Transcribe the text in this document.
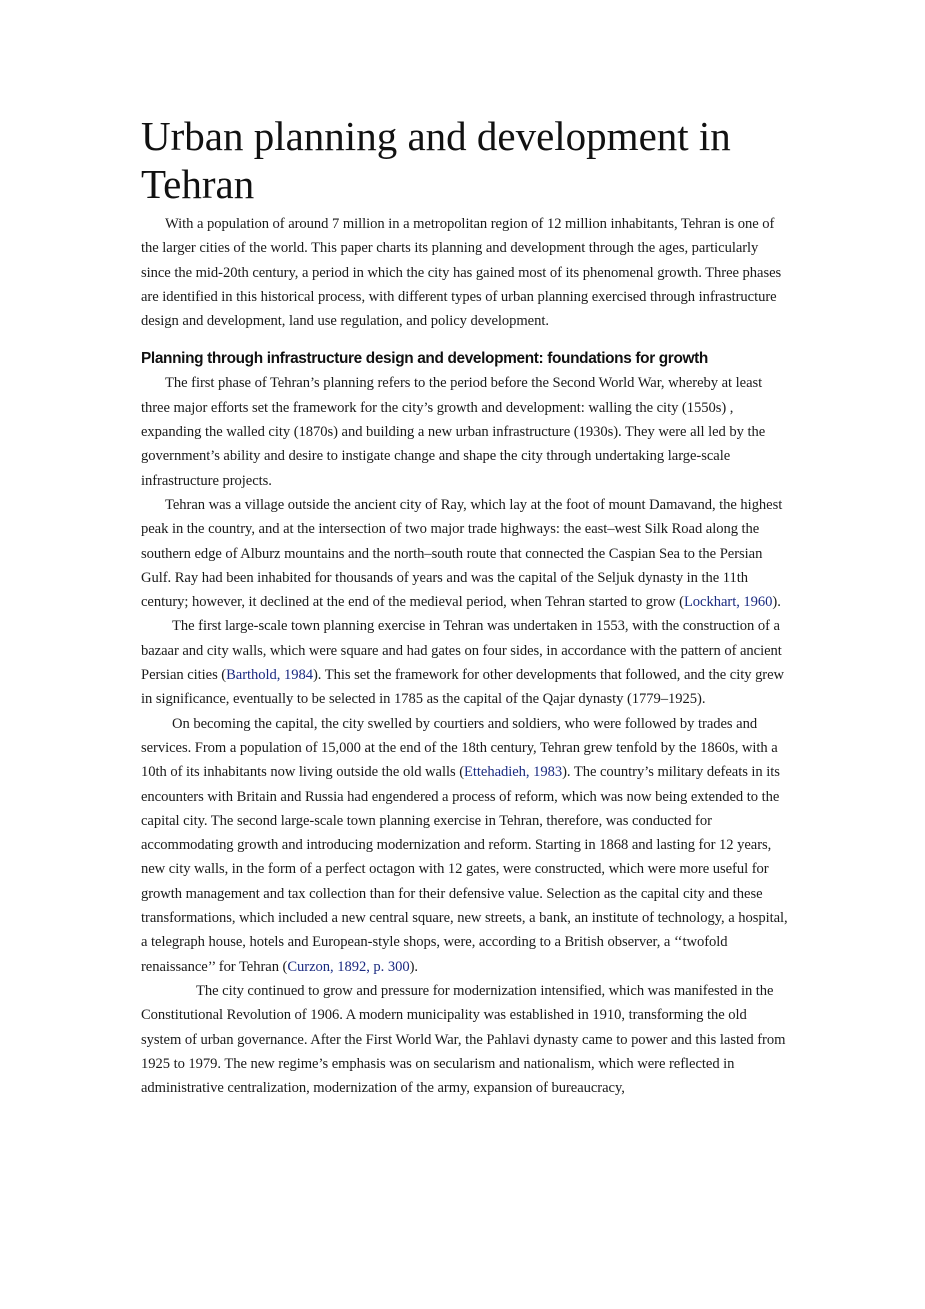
Urban planning and development in Tehran

With a population of around 7 million in a metropolitan region of 12 million inhabitants, Tehran is one of the larger cities of the world. This paper charts its planning and development through the ages, particularly since the mid-20th century, a period in which the city has gained most of its phenomenal growth. Three phases are identified in this historical process, with different types of urban planning exercised through infrastructure design and development, land use regulation, and policy development.

Planning through infrastructure design and development: foundations for growth

The first phase of Tehran’s planning refers to the period before the Second World War, whereby at least three major efforts set the framework for the city’s growth and development: walling the city (1550s) , expanding the walled city (1870s) and building a new urban infrastructure (1930s). They were all led by the government’s ability and desire to instigate change and shape the city through undertaking large-scale infrastructure projects.

Tehran was a village outside the ancient city of Ray, which lay at the foot of mount Damavand, the highest peak in the country, and at the intersection of two major trade highways: the east–west Silk Road along the southern edge of Alburz mountains and the north–south route that connected the Caspian Sea to the Persian Gulf. Ray had been inhabited for thousands of years and was the capital of the Seljuk dynasty in the 11th century; however, it declined at the end of the medieval period, when Tehran started to grow (Lockhart, 1960).

The first large-scale town planning exercise in Tehran was undertaken in 1553, with the construction of a bazaar and city walls, which were square and had gates on four sides, in accordance with the pattern of ancient Persian cities (Barthold, 1984). This set the framework for other developments that followed, and the city grew in significance, eventually to be selected in 1785 as the capital of the Qajar dynasty (1779–1925).

On becoming the capital, the city swelled by courtiers and soldiers, who were followed by trades and services. From a population of 15,000 at the end of the 18th century, Tehran grew tenfold by the 1860s, with a 10th of its inhabitants now living outside the old walls (Ettehadieh, 1983). The country’s military defeats in its encounters with Britain and Russia had engendered a process of reform, which was now being extended to the capital city. The second large-scale town planning exercise in Tehran, therefore, was conducted for accommodating growth and introducing modernization and reform. Starting in 1868 and lasting for 12 years, new city walls, in the form of a perfect octagon with 12 gates, were constructed, which were more useful for growth management and tax collection than for their defensive value. Selection as the capital city and these transformations, which included a new central square, new streets, a bank, an institute of technology, a hospital, a telegraph house, hotels and European-style shops, were, according to a British observer, a ‘‘twofold renaissance’’ for Tehran (Curzon, 1892, p. 300).

The city continued to grow and pressure for modernization intensified, which was manifested in the Constitutional Revolution of 1906. A modern municipality was established in 1910, transforming the old system of urban governance. After the First World War, the Pahlavi dynasty came to power and this lasted from 1925 to 1979. The new regime’s emphasis was on secularism and nationalism, which were reflected in administrative centralization, modernization of the army, expansion of bureaucracy,
